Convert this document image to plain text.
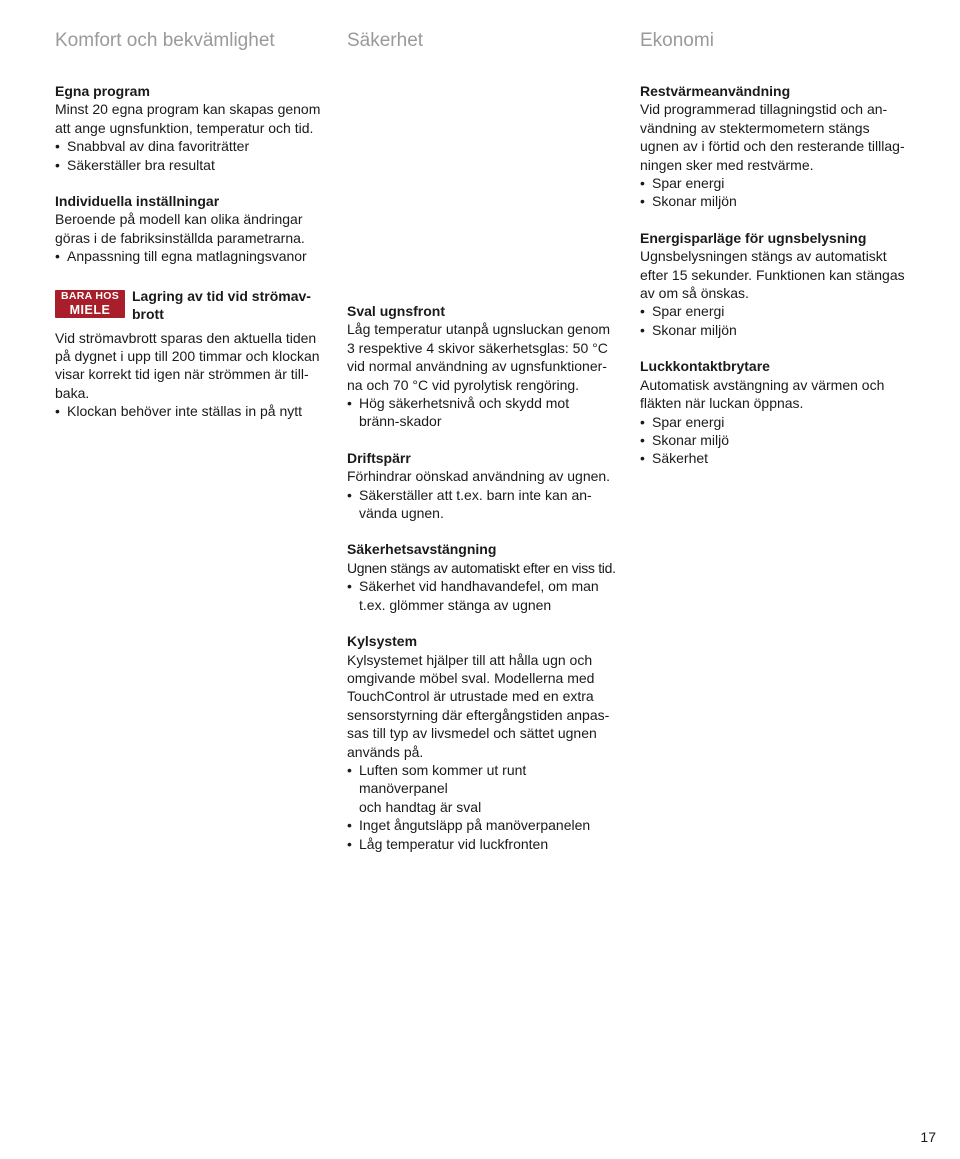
Komfort och bekvämlighet	Säkerhet	Ekonomi

Egna program

Minst 20 egna program kan skapas genom

att ange ugnsfunktion, temperatur och tid.

• Snabbval av dina favoriträtter

• Säkerställer bra resultat

Individuella inställningar

Beroende på modell kan olika ändringar

göras i de fabriksinställda parametrarna.

• Anpassning till egna matlagningsvanor

BARA HOS
MIELE

Lagring av tid vid strömav-

brott

Vid strömavbrott sparas den aktuella tiden

på dygnet i upp till 200 timmar och klockan

visar korrekt tid igen när strömmen är till-

baka.

• Klockan behöver inte ställas in på nytt

Sval ugnsfront

Låg temperatur utanpå ugnsluckan genom

3 respektive 4 skivor säkerhetsglas: 50 °C

vid normal användning av ugnsfunktioner-

na och 70 °C vid pyrolytisk rengöring.

• Hög säkerhetsnivå och skydd mot

bränn-skador

Driftspärr

Förhindrar oönskad användning av ugnen.

• Säkerställer att t.ex. barn inte kan an-

vända ugnen.

Säkerhetsavstängning

Ugnen stängs av automatiskt efter en viss tid.

• Säkerhet vid handhavandefel, om man

t.ex. glömmer stänga av ugnen

Kylsystem

Kylsystemet hjälper till att hålla ugn och

omgivande möbel sval. Modellerna med

TouchControl är utrustade med en extra

sensorstyrning där eftergångstiden anpas-

sas till typ av livsmedel och sättet ugnen

används på.

• Luften som kommer ut runt manöverpanel

och handtag är sval

• Inget ångutsläpp på manöverpanelen

• Låg temperatur vid luckfronten

Restvärmeanvändning

Vid programmerad tillagningstid och an-

vändning av stektermometern stängs

ugnen av i förtid och den resterande tilllag-

ningen sker med restvärme.

• Spar energi

• Skonar miljön

Energisparläge för ugnsbelysning

Ugnsbelysningen stängs av automatiskt

efter 15 sekunder. Funktionen kan stängas

av om så önskas.

• Spar energi

• Skonar miljön

Luckkontaktbrytare

Automatisk avstängning av värmen och

fläkten när luckan öppnas.

• Spar energi

• Skonar miljö

• Säkerhet

17
